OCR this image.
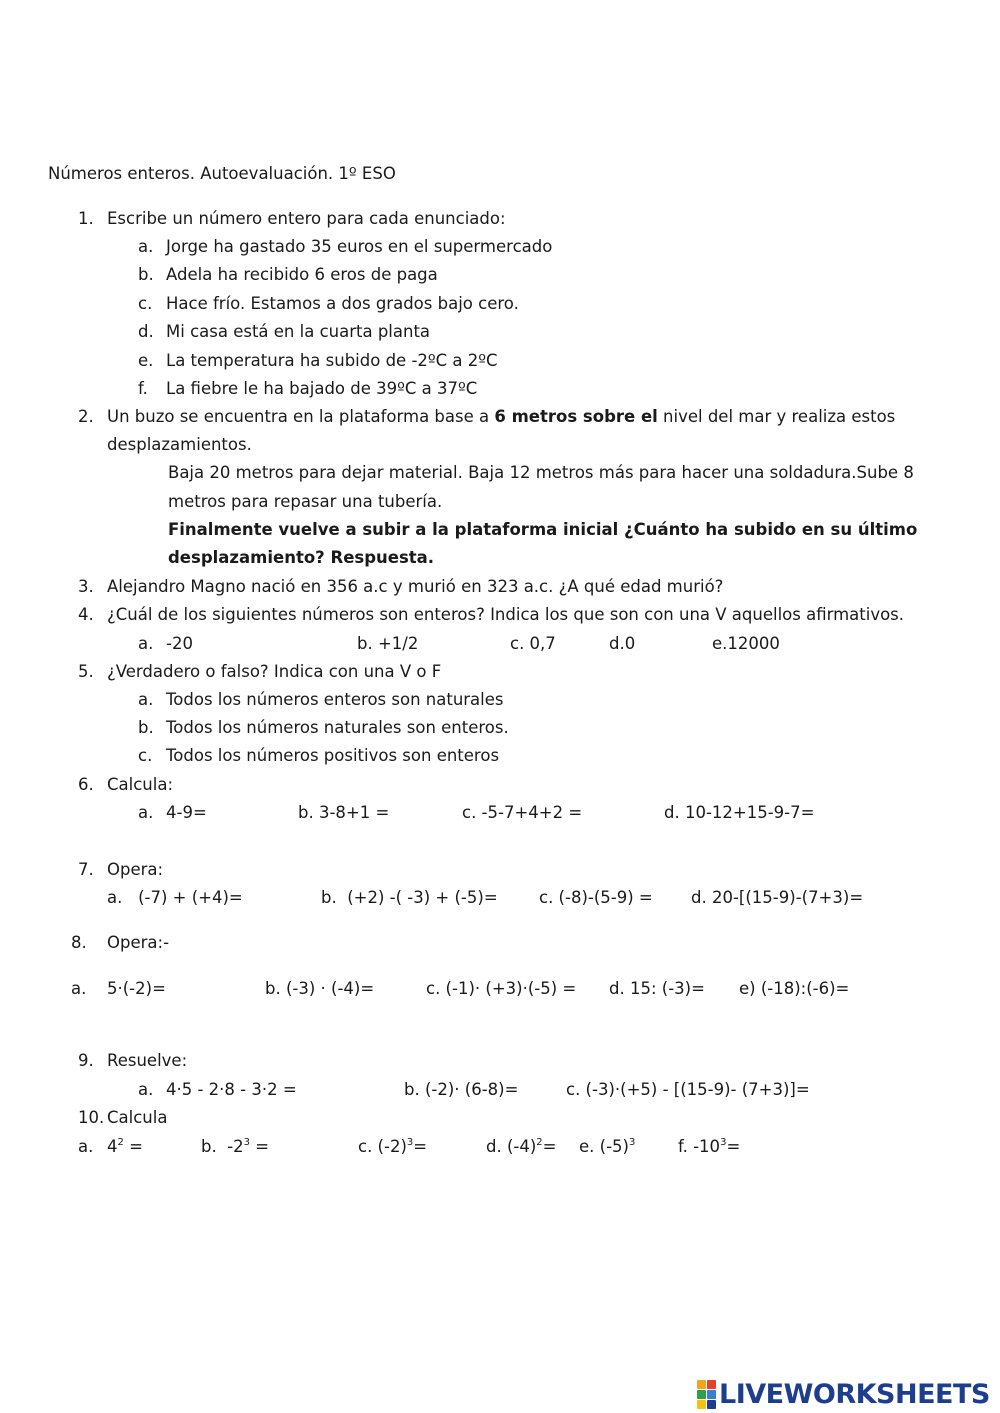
Números enteros. Autoevaluación. 1º ESO
1. Escribe un número entero para cada enunciado:
a. Jorge ha gastado 35 euros en el supermercado
b. Adela ha recibido 6 eros de paga
c. Hace frío. Estamos a dos grados bajo cero.
d. Mi casa está en la cuarta planta
e. La temperatura ha subido de -2ºC a 2ºC
f. La fiebre le ha bajado de 39ºC a 37ºC
2. Un buzo se encuentra en la plataforma base a 6 metros sobre el nivel del mar y realiza estos
desplazamientos.
Baja 20 metros para dejar material. Baja 12 metros más para hacer una soldadura.Sube 8
metros para repasar una tubería.
Finalmente vuelve a subir a la plataforma inicial ¿Cuánto ha subido en su último
desplazamiento? Respuesta.
3. Alejandro Magno nació en 356 a.c y murió en 323 a.c. ¿A qué edad murió?
4. ¿Cuál de los siguientes números son enteros? Indica los que son con una V aquellos afirmativos.
a. -20	b. +1/2	c. 0,7	d.0	e.12000
5. ¿Verdadero o falso? Indica con una V o F
a. Todos los números enteros son naturales
b. Todos los números naturales son enteros.
c. Todos los números positivos son enteros
6. Calcula:
a. 4-9=	b. 3-8+1 =	c. -5-7+4+2 =	d. 10-12+15-9-7=
7. Opera:
a.   (-7) + (+4)=	b.  (+2) -( -3) + (-5)=	c. (-8)-(5-9) = d. 20-[(15-9)-(7+3)=
8. Opera:-
a. 5·(-2)=	b. (-3) · (-4)=	c. (-1)· (+3)·(-5) = d. 15: (-3)= e) (-18):(-6)=
9. Resuelve:
a. 4·5 - 2·8 - 3·2 =	b. (-2)· (6-8)=	c. (-3)·(+5) - [(15-9)- (7+3)]=
10. Calcula
a. $4^2$ =	b.  $-2^3$ =	c. $(-2)^3=$	d. $(-4)^2= e$. $(-5)^3$	f. $-10^3=$
LIVEWORKSHEETS
